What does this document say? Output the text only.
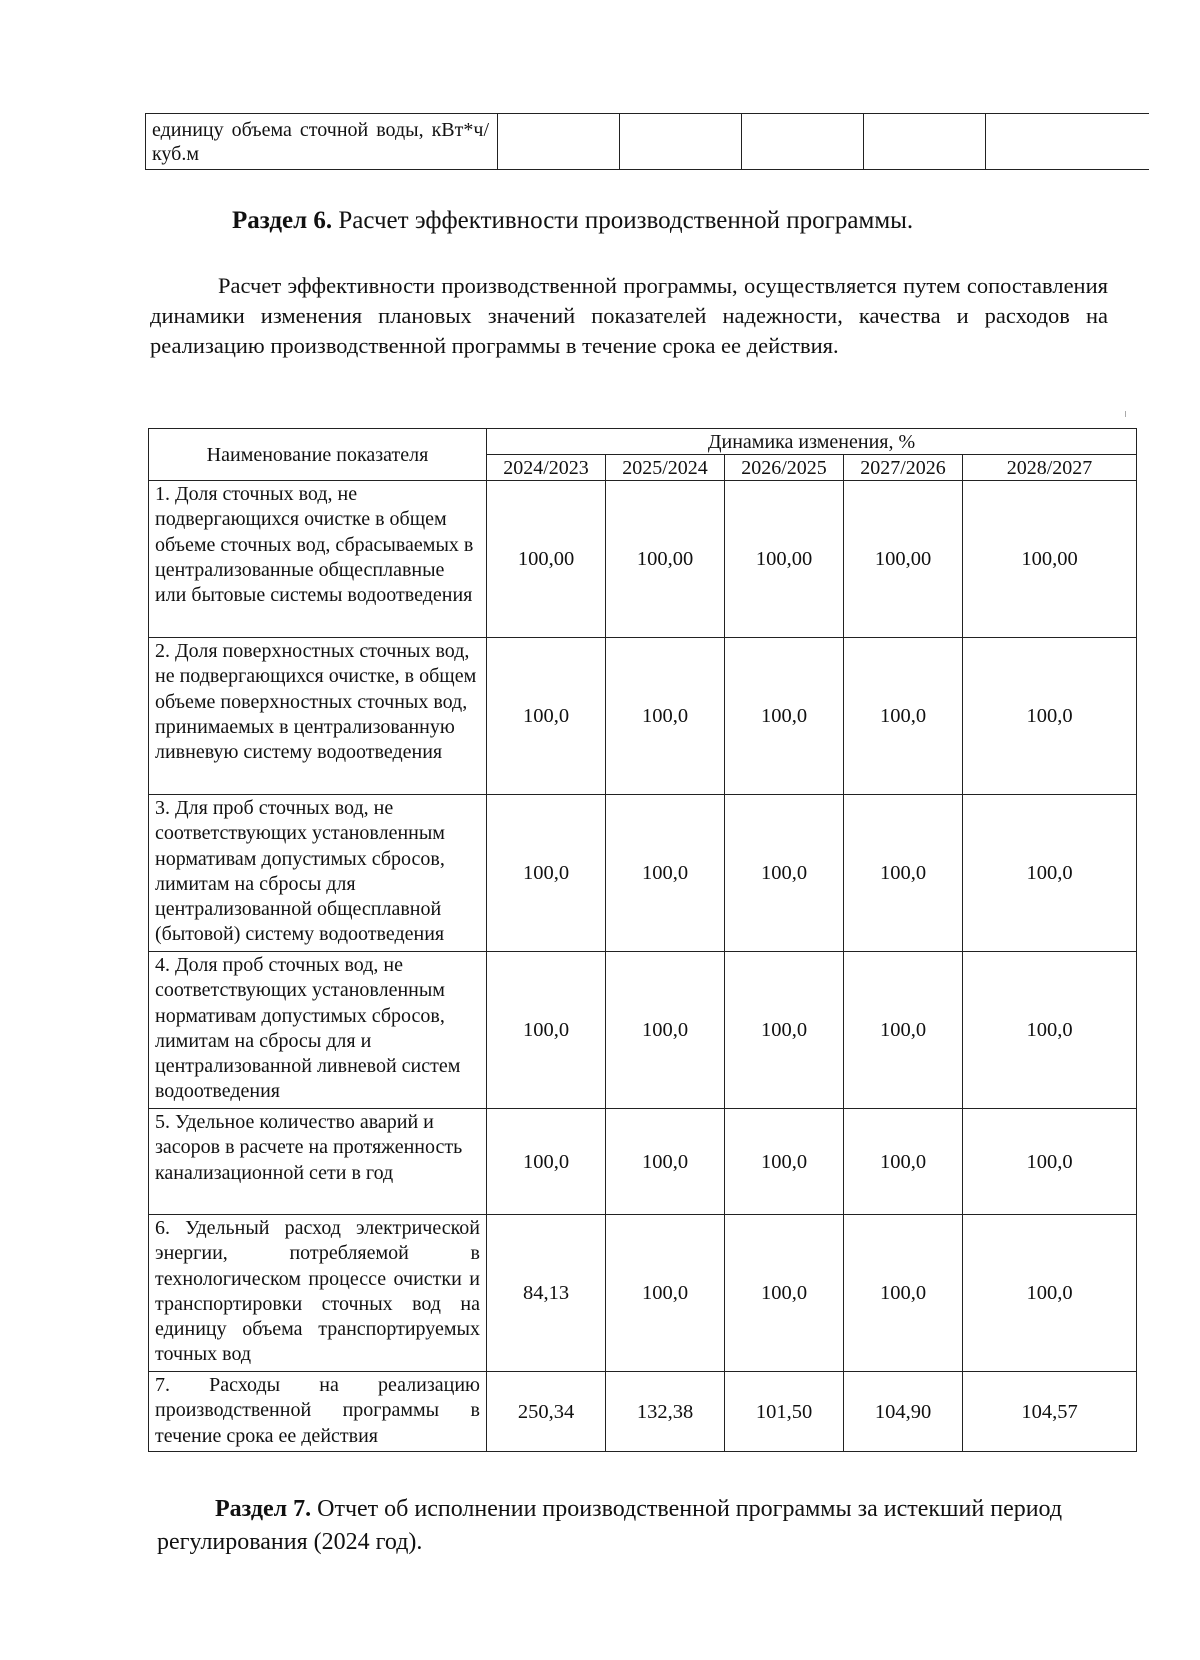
единицу объема сточной воды, кВт*ч/куб.м					
Раздел 6. Расчет эффективности производственной программы.
Расчет эффективности производственной программы, осуществляется путем сопоставления динамики изменения плановых значений показателей надежности, качества и расходов на реализацию производственной программы в течение срока ее действия.
Наименование показателя	Динамика изменения, %				
	2024/2023	2025/2024	2026/2025	2027/2026	2028/2027
1. Доля сточных вод, не подвергающихся очистке в общем объеме сточных вод, сбрасываемых в централизованные общесплавные или бытовые системы водоотведения	100,00	100,00	100,00	100,00	100,00
2. Доля поверхностных сточных вод, не подвергающихся очистке, в общем объеме поверхностных сточных вод, принимаемых в централизованную ливневую систему водоотведения	100,0	100,0	100,0	100,0	100,0
3. Для проб сточных вод, не соответствующих установленным нормативам допустимых сбросов, лимитам на сбросы для централизованной общесплавной (бытовой) систему водоотведения	100,0	100,0	100,0	100,0	100,0
4. Доля проб сточных вод, не соответствующих установленным нормативам допустимых сбросов, лимитам на сбросы для и централизованной ливневой систем водоотведения	100,0	100,0	100,0	100,0	100,0
5. Удельное количество аварий и засоров в расчете на протяженность канализационной сети в год	100,0	100,0	100,0	100,0	100,0
6. Удельный расход электрической энергии, потребляемой в технологическом процессе очистки и транспортировки сточных вод на единицу объема транспортируемых точных вод	84,13	100,0	100,0	100,0	100,0
7. Расходы на реализацию производственной программы в течение срока ее действия	250,34	132,38	101,50	104,90	104,57
Раздел 7. Отчет об исполнении производственной программы за истекший период регулирования (2024 год).
